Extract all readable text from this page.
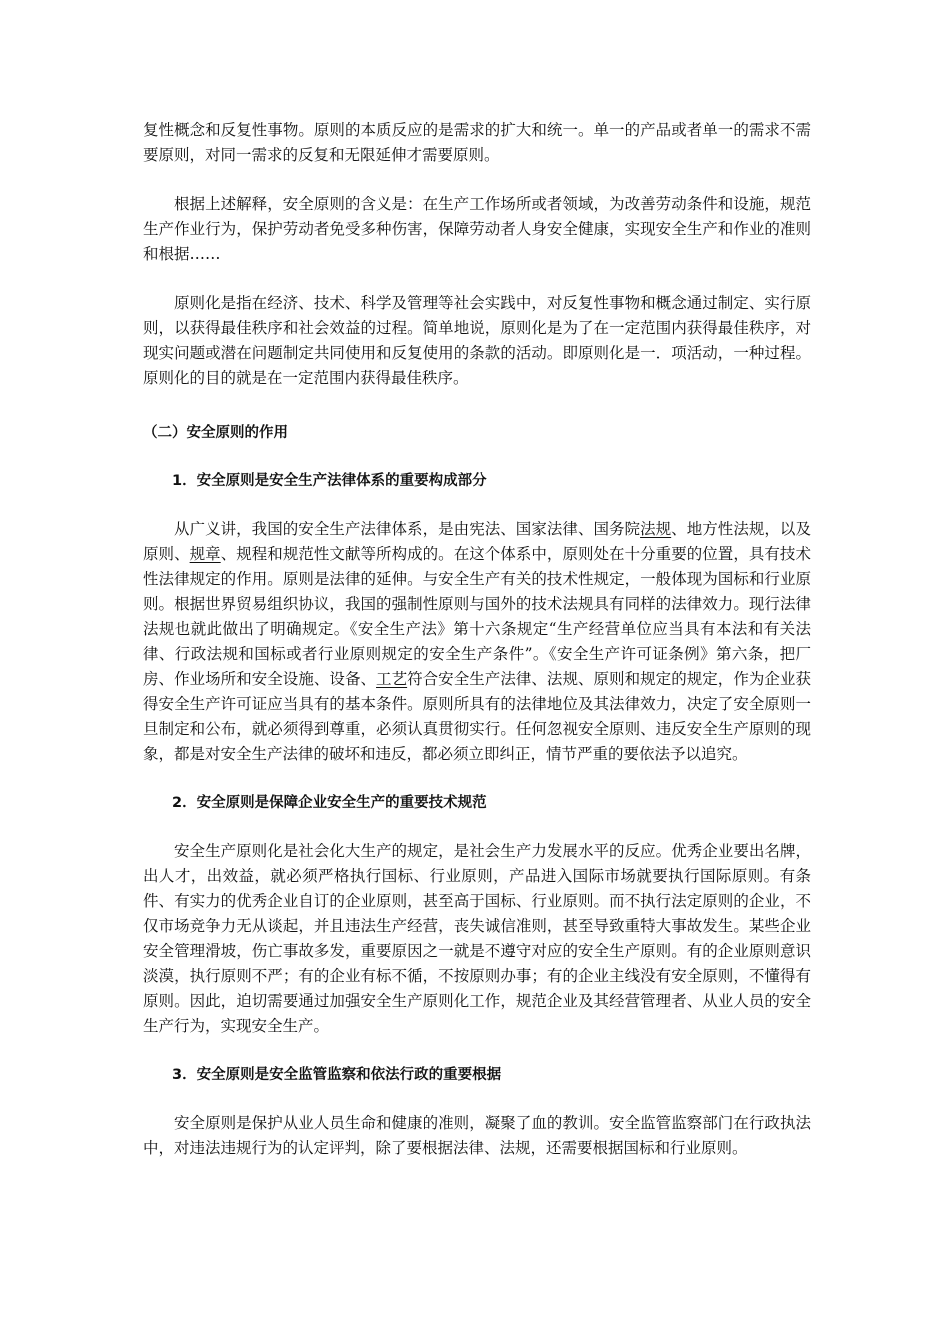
复性概念和反复性事物。原则的本质反应的是需求的扩大和统一。单一的产品或者单一的需求不需要原则，对同一需求的反复和无限延伸才需要原则。

根据上述解释，安全原则的含义是：在生产工作场所或者领域，为改善劳动条件和设施，规范生产作业行为，保护劳动者免受多种伤害，保障劳动者人身安全健康，实现安全生产和作业的准则和根据……

原则化是指在经济、技术、科学及管理等社会实践中，对反复性事物和概念通过制定、实行原则，以获得最佳秩序和社会效益的过程。简单地说，原则化是为了在一定范围内获得最佳秩序，对现实问题或潜在问题制定共同使用和反复使用的条款的活动。即原则化是一．项活动，一种过程。原则化的目的就是在一定范围内获得最佳秩序。

（二）安全原则的作用
1．安全原则是安全生产法律体系的重要构成部分

从广义讲，我国的安全生产法律体系，是由宪法、国家法律、国务院法规、地方性法规，以及原则、规章、规程和规范性文献等所构成的。在这个体系中，原则处在十分重要的位置，具有技术性法律规定的作用。原则是法律的延伸。与安全生产有关的技术性规定，一般体现为国标和行业原则。根据世界贸易组织协议，我国的强制性原则与国外的技术法规具有同样的法律效力。现行法律法规也就此做出了明确规定。《安全生产法》第十六条规定“生产经营单位应当具有本法和有关法律、行政法规和国标或者行业原则规定的安全生产条件”。《安全生产许可证条例》第六条，把厂房、作业场所和安全设施、设备、工艺符合安全生产法律、法规、原则和规定的规定，作为企业获得安全生产许可证应当具有的基本条件。原则所具有的法律地位及其法律效力，决定了安全原则一旦制定和公布，就必须得到尊重，必须认真贯彻实行。任何忽视安全原则、违反安全生产原则的现象，都是对安全生产法律的破坏和违反，都必须立即纠正，情节严重的要依法予以追究。

2．安全原则是保障企业安全生产的重要技术规范

安全生产原则化是社会化大生产的规定，是社会生产力发展水平的反应。优秀企业要出名牌，出人才，出效益，就必须严格执行国标、行业原则，产品进入国际市场就要执行国际原则。有条件、有实力的优秀企业自订的企业原则，甚至高于国标、行业原则。而不执行法定原则的企业，不仅市场竞争力无从谈起，并且违法生产经营，丧失诚信准则，甚至导致重特大事故发生。某些企业安全管理滑坡，伤亡事故多发，重要原因之一就是不遵守对应的安全生产原则。有的企业原则意识淡漠，执行原则不严；有的企业有标不循，不按原则办事；有的企业主线没有安全原则，不懂得有原则。因此，迫切需要通过加强安全生产原则化工作，规范企业及其经营管理者、从业人员的安全生产行为，实现安全生产。

3．安全原则是安全监管监察和依法行政的重要根据

安全原则是保护从业人员生命和健康的准则，凝聚了血的教训。安全监管监察部门在行政执法中，对违法违规行为的认定评判，除了要根据法律、法规，还需要根据国标和行业原则。
